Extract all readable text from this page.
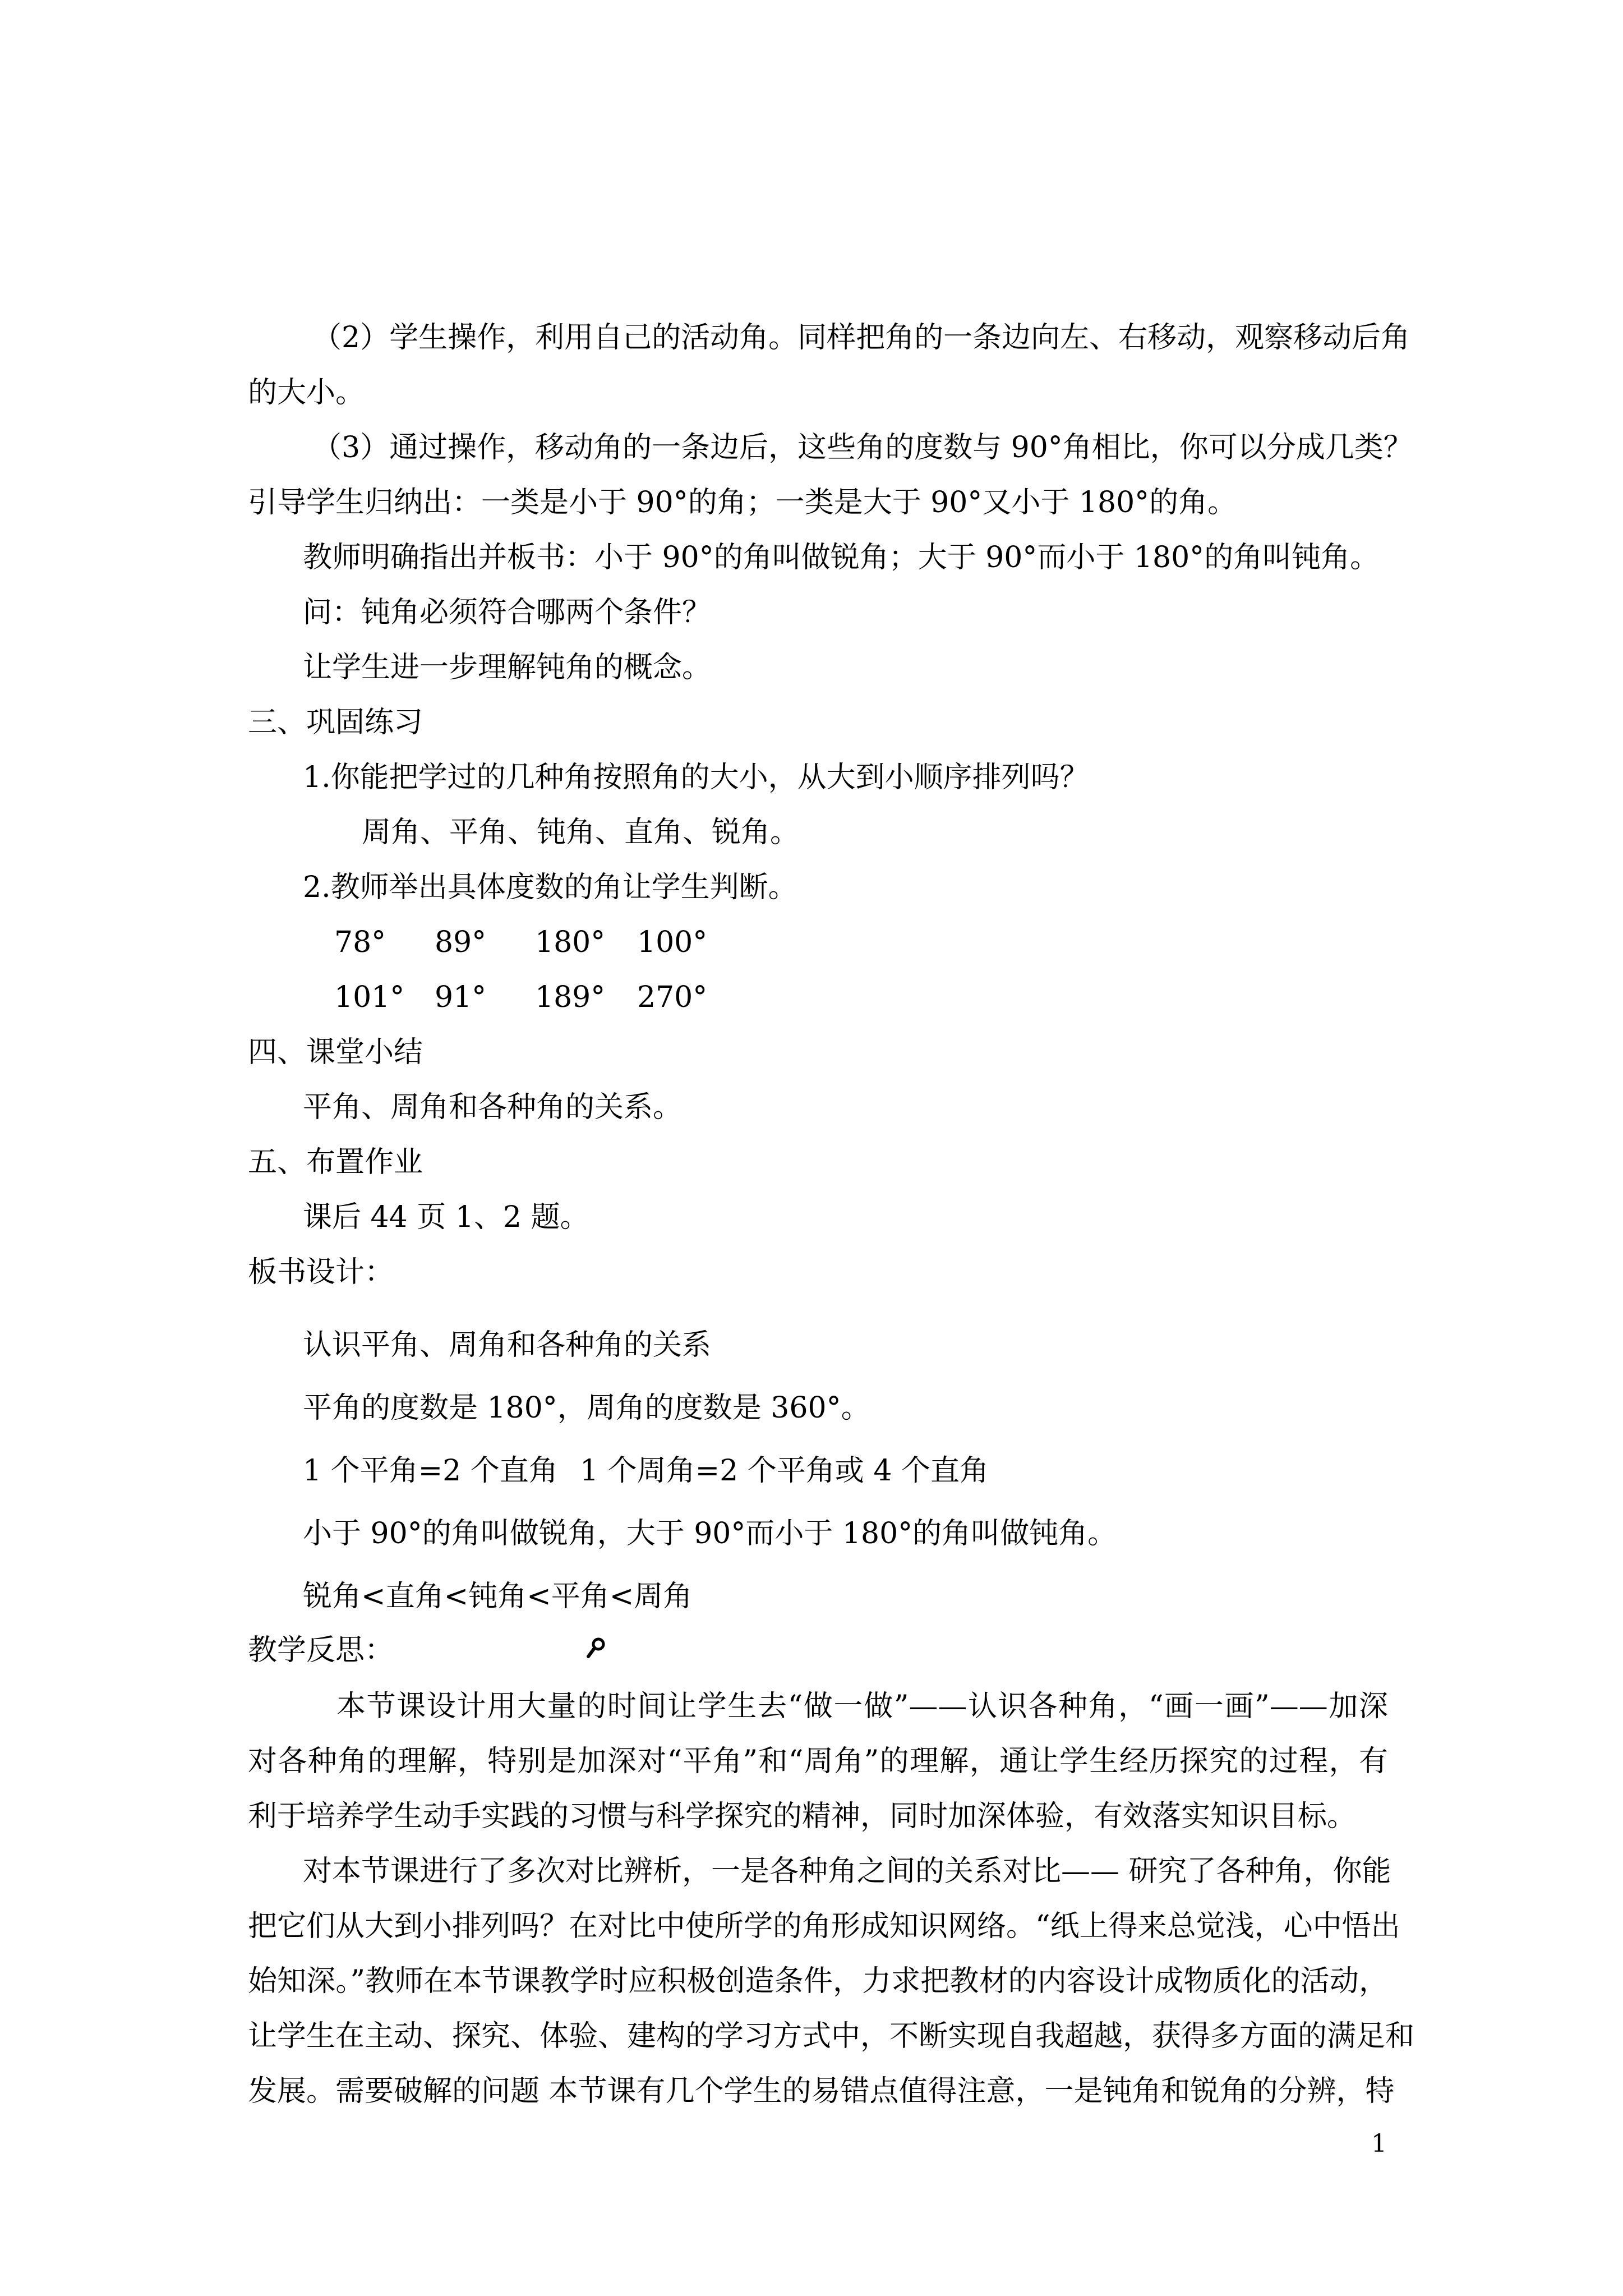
（2）学生操作，利用自己的活动角。同样把角的一条边向左、右移动，观察移动后角
的大小。
（3）通过操作，移动角的一条边后，这些角的度数与 90°角相比，你可以分成几类？
引导学生归纳出：一类是小于 90°的角；一类是大于 90°又小于 180°的角。
教师明确指出并板书：小于 90°的角叫做锐角；大于 90°而小于 180°的角叫钝角。
问：钝角必须符合哪两个条件？
让学生进一步理解钝角的概念。
三、巩固练习
1.你能把学过的几种角按照角的大小，从大到小顺序排列吗？
周角、平角、钝角、直角、锐角。
2.教师举出具体度数的角让学生判断。
78° 89° 180° 100°
101° 91° 189° 270°
四、课堂小结
平角、周角和各种角的关系。
五、布置作业
课后 44 页 1、2 题。
板书设计：
认识平角、周角和各种角的关系
平角的度数是 180°，周角的度数是 360°。
1 个平角=2 个直角 1 个周角=2 个平角或 4 个直角
小于 90°的角叫做锐角，大于 90°而小于 180°的角叫做钝角。
锐角<直角<钝角<平角<周角
教学反思：
本节课设计用大量的时间让学生去“做一做”——认识各种角，“画一画”——加深
对各种角的理解，特别是加深对“平角”和“周角”的理解，通让学生经历探究的过程，有
利于培养学生动手实践的习惯与科学探究的精神，同时加深体验，有效落实知识目标。
对本节课进行了多次对比辨析，一是各种角之间的关系对比—— 研究了各种角，你能
把它们从大到小排列吗？在对比中使所学的角形成知识网络。“纸上得来总觉浅，心中悟出
始知深。”教师在本节课教学时应积极创造条件，力求把教材的内容设计成物质化的活动，
让学生在主动、探究、体验、建构的学习方式中，不断实现自我超越，获得多方面的满足和
发展。需要破解的问题 本节课有几个学生的易错点值得注意，一是钝角和锐角的分辨，特
1
